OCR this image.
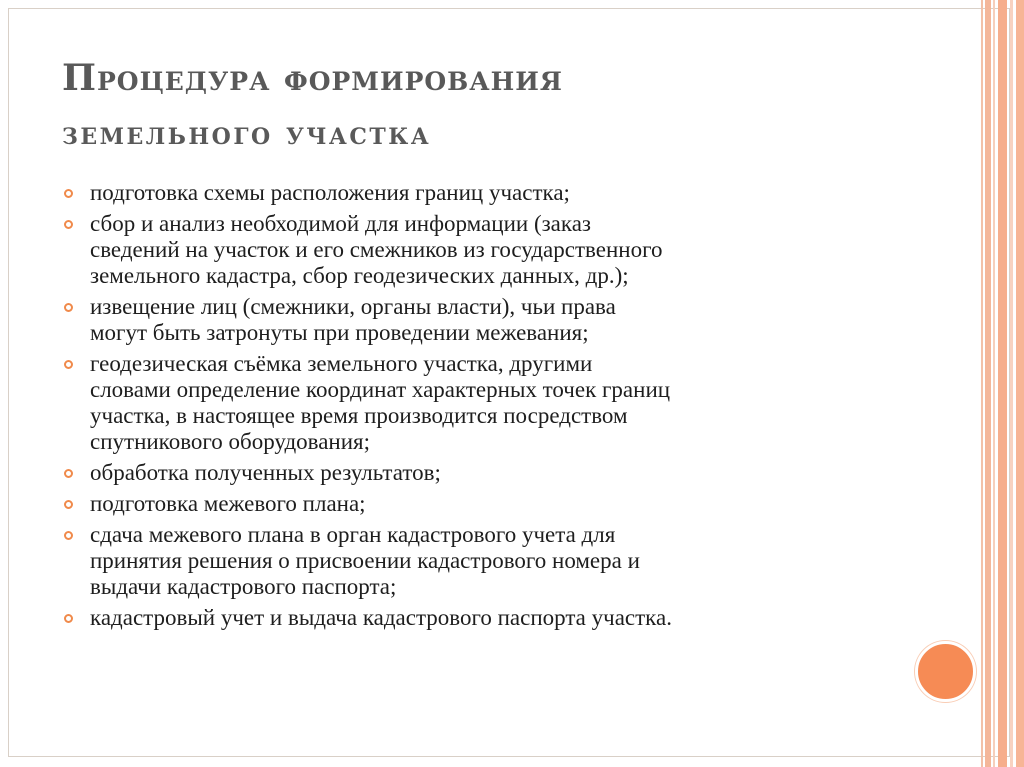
Процедура формирования
земельного участка
подготовка схемы расположения границ участка;
сбор и анализ необходимой для информации (заказ
сведений на участок и его смежников из государственного
земельного кадастра, сбор геодезических данных, др.);
извещение лиц (смежники, органы власти), чьи права
могут быть затронуты при проведении межевания;
геодезическая съёмка земельного участка, другими
словами определение координат характерных точек границ
участка, в настоящее время производится посредством
спутникового оборудования;
обработка полученных результатов;
подготовка межевого плана;
сдача межевого плана в орган кадастрового учета для
принятия решения о присвоении кадастрового номера и
выдачи кадастрового паспорта;
кадастровый учет и выдача кадастрового паспорта участка.
